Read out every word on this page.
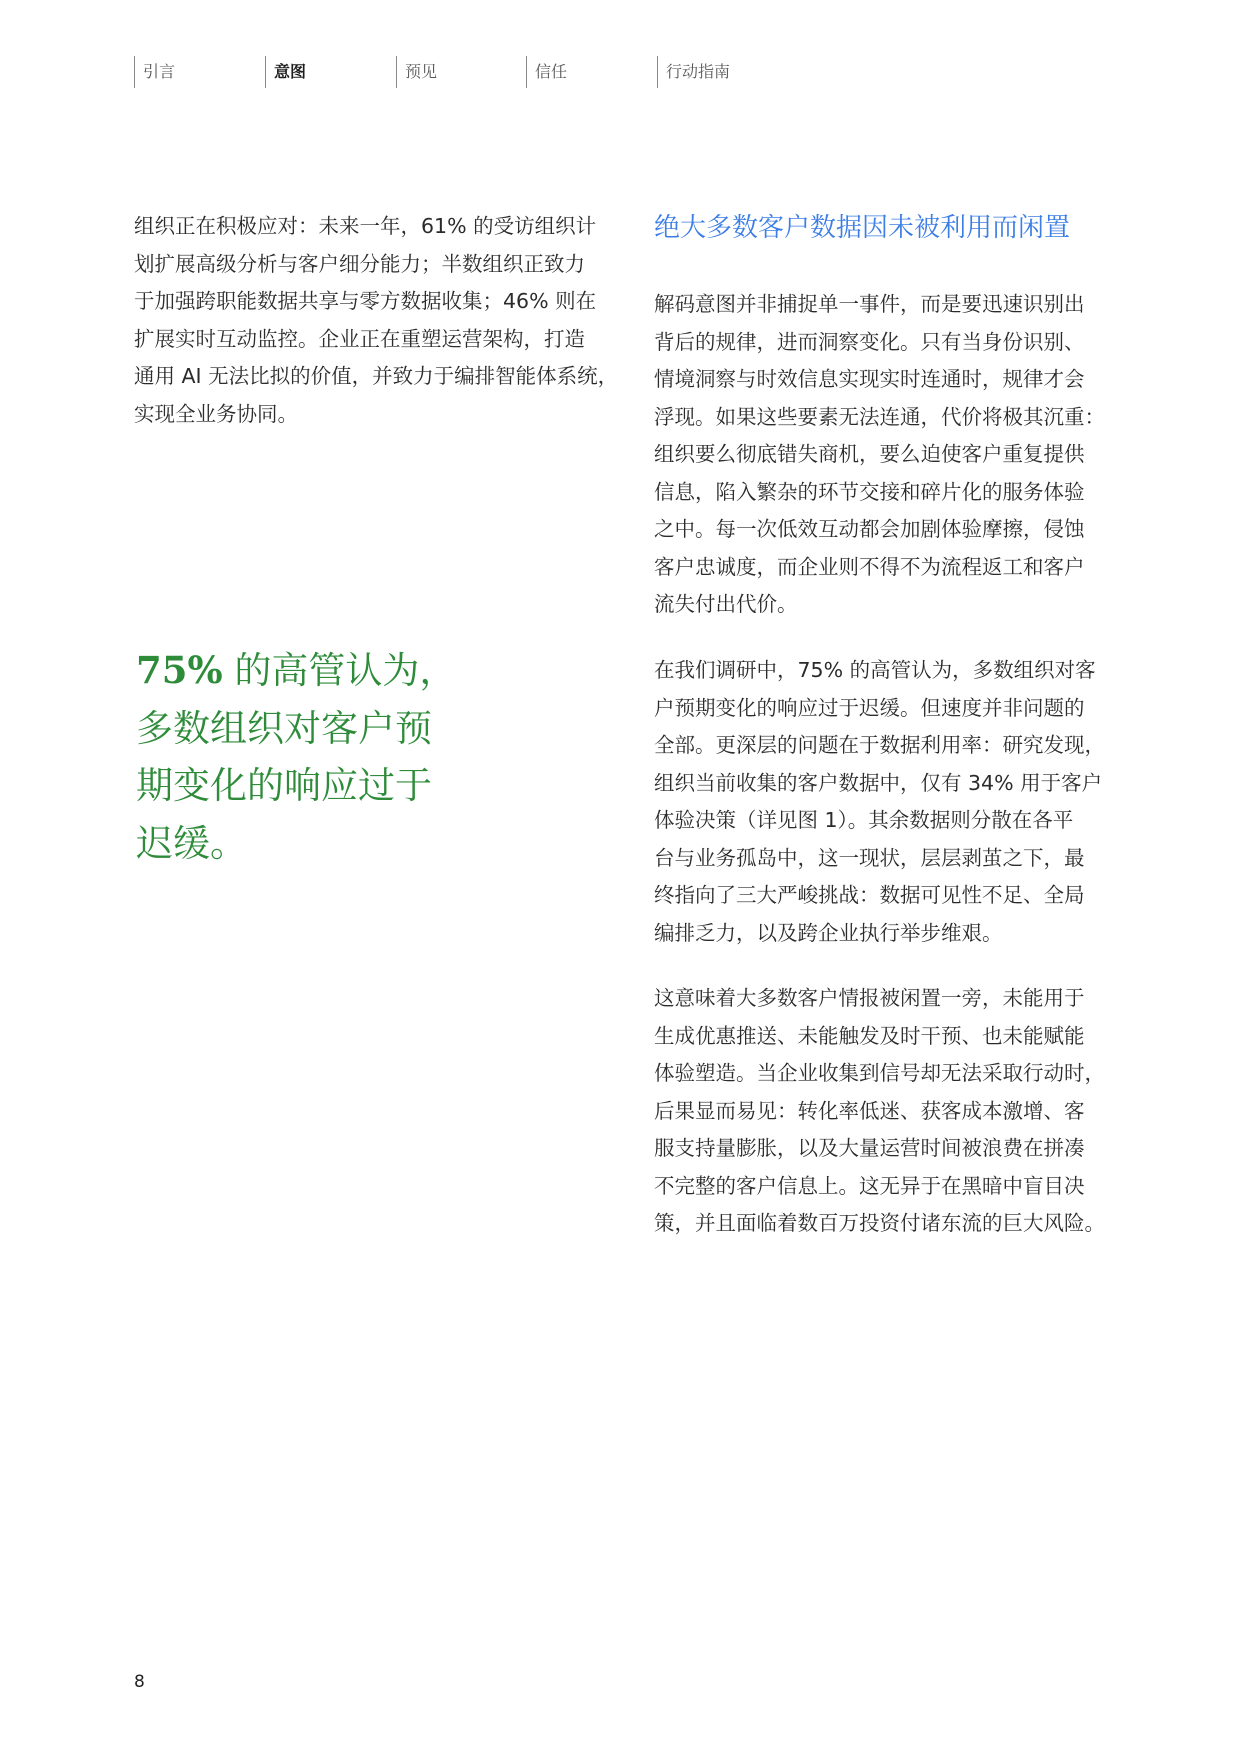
引言	意图	预见	信任	行动指南

组织正在积极应对：未来一年，61% 的受访组织计
划扩展高级分析与客户细分能力；半数组织正致力
于加强跨职能数据共享与零方数据收集；46% 则在
扩展实时互动监控。企业正在重塑运营架构，打造
通用 AI 无法比拟的价值，并致力于编排智能体系统，
实现全业务协同。

75% 的高管认为，
多数组织对客户预
期变化的响应过于
迟缓。
绝大多数客户数据因未被利用而闲置

解码意图并非捕捉单一事件，而是要迅速识别出
背后的规律，进而洞察变化。只有当身份识别、
情境洞察与时效信息实现实时连通时，规律才会
浮现。如果这些要素无法连通，代价将极其沉重：
组织要么彻底错失商机，要么迫使客户重复提供
信息，陷入繁杂的环节交接和碎片化的服务体验
之中。每一次低效互动都会加剧体验摩擦，侵蚀
客户忠诚度，而企业则不得不为流程返工和客户
流失付出代价。

在我们调研中，75% 的高管认为，多数组织对客
户预期变化的响应过于迟缓。但速度并非问题的
全部。更深层的问题在于数据利用率：研究发现，
组织当前收集的客户数据中，仅有 34% 用于客户
体验决策（详见图 1）。其余数据则分散在各平
台与业务孤岛中，这一现状，层层剥茧之下，最
终指向了三大严峻挑战：数据可见性不足、全局
编排乏力，以及跨企业执行举步维艰。

这意味着大多数客户情报被闲置一旁，未能用于
生成优惠推送、未能触发及时干预、也未能赋能
体验塑造。当企业收集到信号却无法采取行动时，
后果显而易见：转化率低迷、获客成本激增、客
服支持量膨胀，以及大量运营时间被浪费在拼凑
不完整的客户信息上。这无异于在黑暗中盲目决
策，并且面临着数百万投资付诸东流的巨大风险。

8
